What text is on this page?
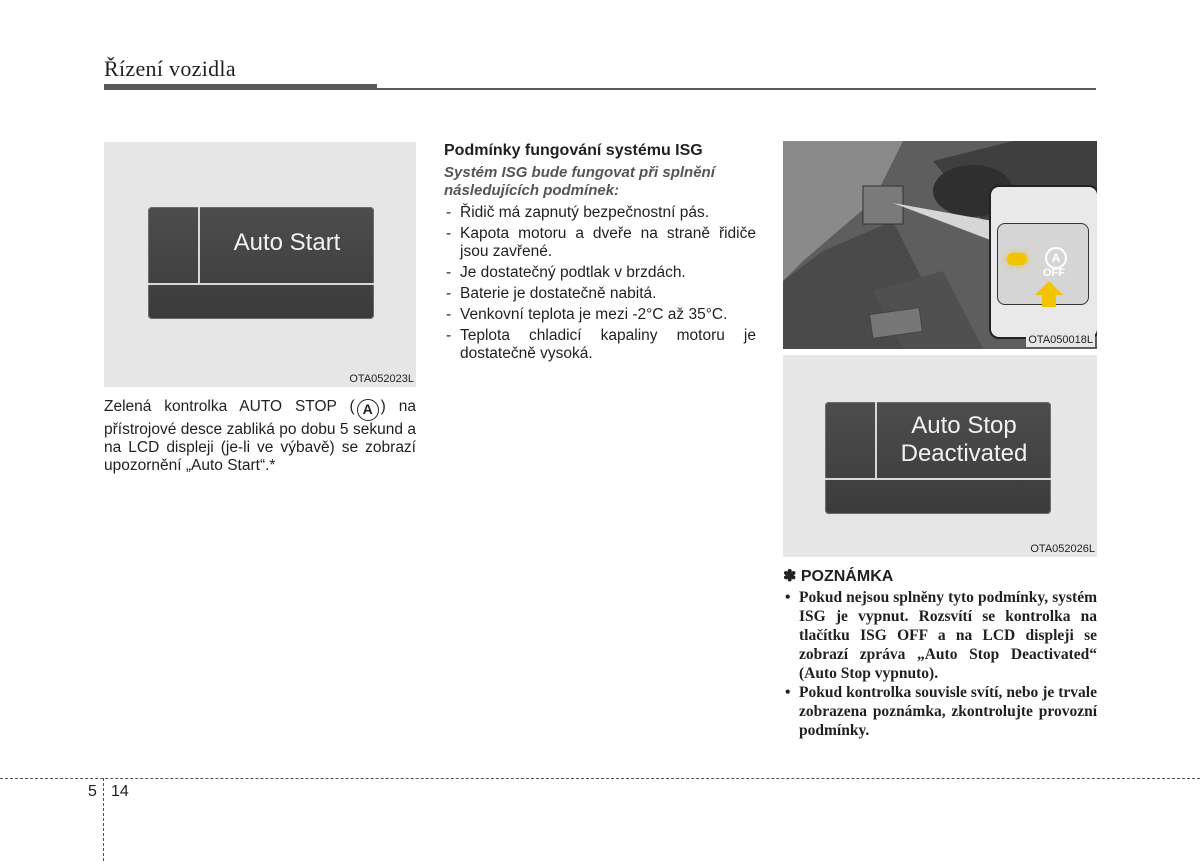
Řízení vozidla
Auto Start
OTA052023L
Zelená kontrolka AUTO STOP ( A ) na přístrojové desce zabliká po dobu 5 sekund a na LCD displeji (je-li ve výbavě) se zobrazí upozornění „Auto Start“.*
Podmínky fungování systému ISG
Systém ISG bude fungovat při splnění následujících podmínek:
- Řidič má zapnutý bezpečnostní pás.
- Kapota motoru a dveře na straně řidiče jsou zavřené.
- Je dostatečný podtlak v brzdách.
- Baterie je dostatečně nabitá.
- Venkovní teplota je mezi -2°C až 35°C.
- Teplota chladicí kapaliny motoru je dostatečně vysoká.
A
OFF
OTA050018L
Auto Stop
Deactivated
OTA052026L
✽ POZNÁMKA
• Pokud nejsou splněny tyto podmínky, systém ISG je vypnut. Rozsvítí se kontrolka na tlačítku ISG OFF a na LCD displeji se zobrazí zpráva „Auto Stop Deactivated“ (Auto Stop vypnuto).
• Pokud kontrolka souvisle svítí, nebo je trvale zobrazena poznámka, zkontrolujte provozní podmínky.
5 14
